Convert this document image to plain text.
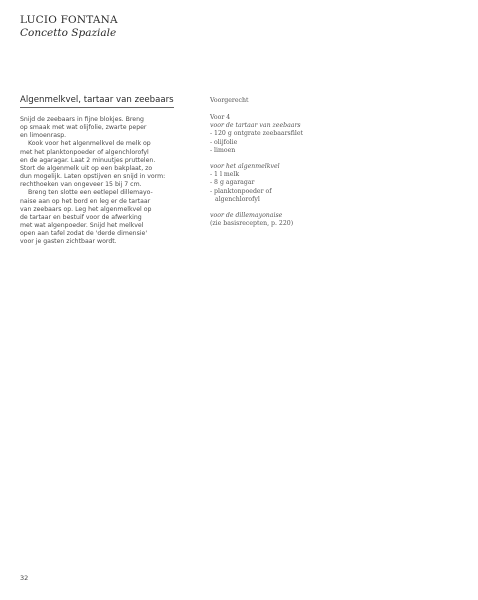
LUCIO FONTANA
Concetto Spaziale
Algenmelkvel, tartaar van zeebaars
Snijd de zeebaars in fijne blokjes. Breng
op smaak met wat olijfolie, zwarte peper
en limoenrasp.
Kook voor het algenmelkvel de melk op
met het planktonpoeder of algenchlorofyl
en de agaragar. Laat 2 minuutjes pruttelen.
Stort de algenmelk uit op een bakplaat, zo
dun mogelijk. Laten opstijven en snijd in vorm:
rechthoeken van ongeveer 15 bij 7 cm.
Breng ten slotte een eetlepel dillemayo-
naise aan op het bord en leg er de tartaar
van zeebaars op. Leg het algenmelkvel op
de tartaar en bestuif voor de afwerking
met wat algenpoeder. Snijd het melkvel
open aan tafel zodat de 'derde dimensie'
voor je gasten zichtbaar wordt.
Voorgerecht
Voor 4
voor de tartaar van zeebaars
- 120 g ontgrate zeebaarsfilet
- olijfolie
- limoen
voor het algenmelkvel
- 1 l melk
- 8 g agaragar
- planktonpoeder of
algenchlorofyl
voor de dillemayonaise
(zie basisrecepten, p. 220)
32
